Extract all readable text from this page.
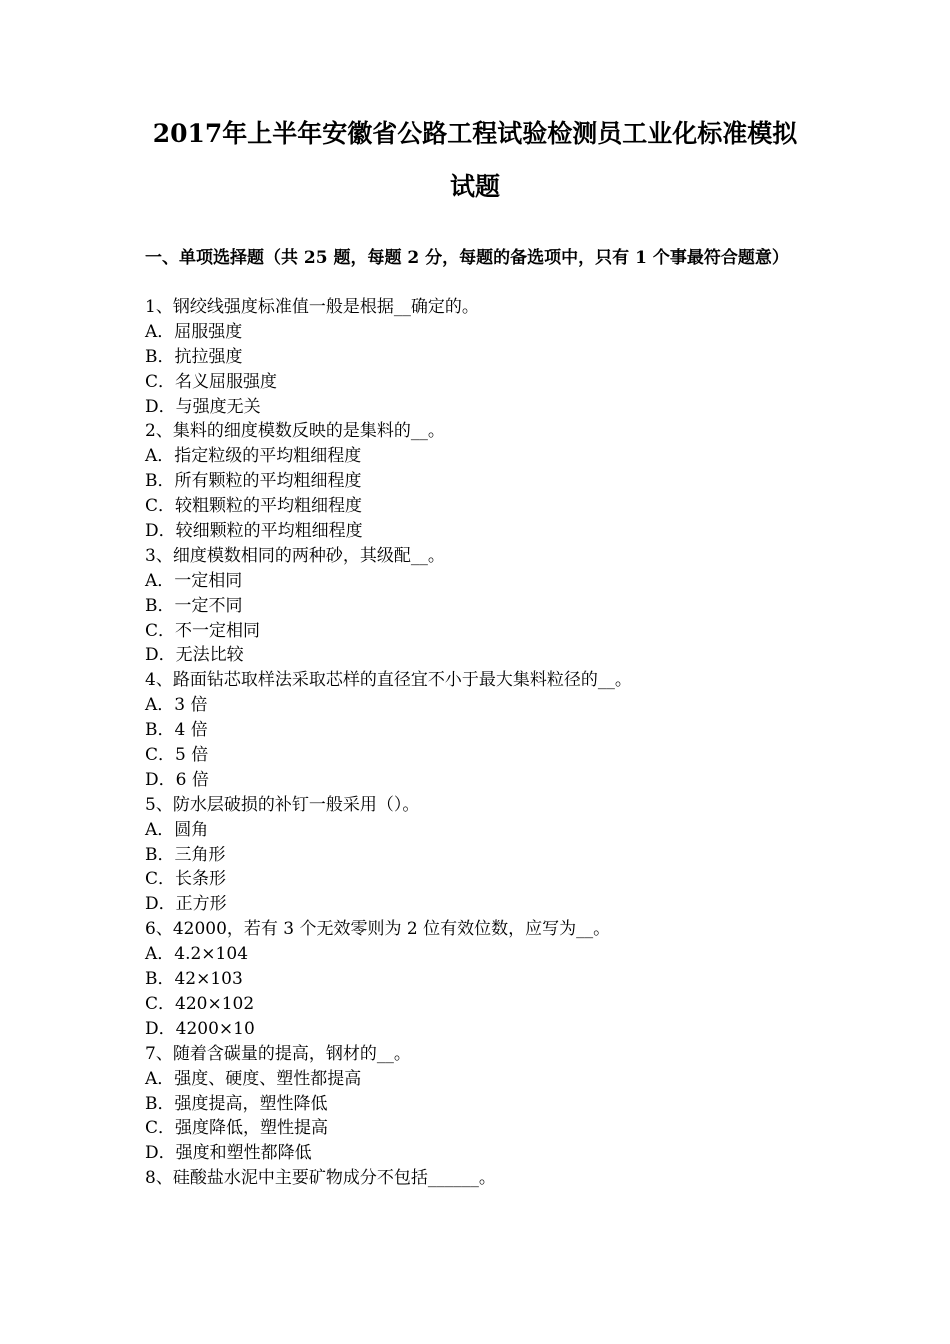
2017年上半年安徽省公路工程试验检测员工业化标准模拟
试题

一、单项选择题（共 25 题，每题 2 分，每题的备选项中，只有 1 个事最符合题意）

1、钢绞线强度标准值一般是根据__确定的。
A．屈服强度
B．抗拉强度
C．名义屈服强度
D．与强度无关
2、集料的细度模数反映的是集料的__。
A．指定粒级的平均粗细程度
B．所有颗粒的平均粗细程度
C．较粗颗粒的平均粗细程度
D．较细颗粒的平均粗细程度
3、细度模数相同的两种砂，其级配__。
A．一定相同
B．一定不同
C．不一定相同
D．无法比较
4、路面钻芯取样法采取芯样的直径宜不小于最大集料粒径的__。
A．3 倍
B．4 倍
C．5 倍
D．6 倍
5、防水层破损的补钉一般采用（）。
A．圆角
B．三角形
C．长条形
D．正方形
6、42000，若有 3 个无效零则为 2 位有效位数，应写为__。
A．4.2×104
B．42×103
C．420×102
D．4200×10
7、随着含碳量的提高，钢材的__。
A．强度、硬度、塑性都提高
B．强度提高，塑性降低
C．强度降低，塑性提高
D．强度和塑性都降低
8、硅酸盐水泥中主要矿物成分不包括______。
